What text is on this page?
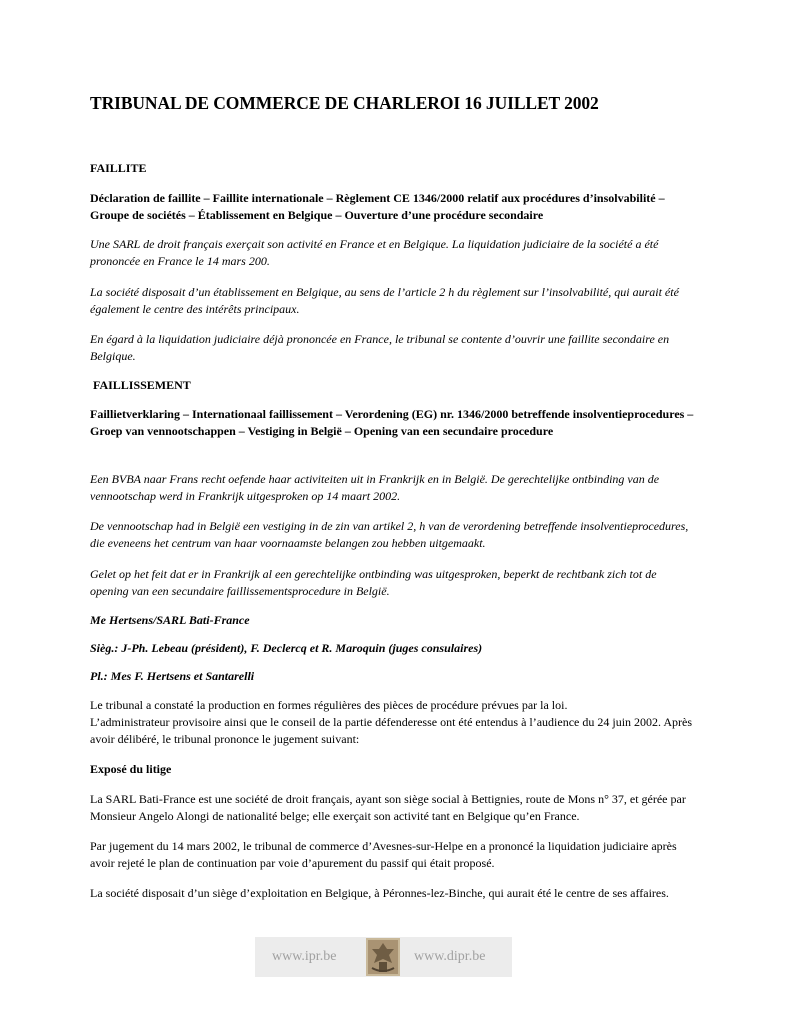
TRIBUNAL DE COMMERCE DE CHARLEROI 16 JUILLET 2002
FAILLITE
Déclaration de faillite – Faillite internationale – Règlement CE 1346/2000 relatif aux procédures d’insolvabilité – Groupe de sociétés – Établissement en Belgique – Ouverture d’une procédure secondaire
Une SARL de droit français exerçait son activité en France et en Belgique. La liquidation judiciaire de la société a été prononcée en France le 14 mars 200.
La société disposait d’un établissement en Belgique, au sens de l’article 2 h du règlement sur l’insolvabilité, qui aurait été également le centre des intérêts principaux.
En égard à la liquidation judiciaire déjà prononcée en France, le tribunal se contente d’ouvrir une faillite secondaire en Belgique.
FAILLISSEMENT
Faillietverklaring – Internationaal faillissement – Verordening (EG) nr. 1346/2000 betreffende insolventieprocedures – Groep van vennootschappen – Vestiging in België – Opening van een secundaire procedure
Een BVBA naar Frans recht oefende haar activiteiten uit in Frankrijk en in België. De gerechtelijke ontbinding van de vennootschap werd in Frankrijk uitgesproken op 14 maart 2002.
De vennootschap had in België een vestiging in de zin van artikel 2, h van de verordening betreffende insolventieprocedures, die eveneens het centrum van haar voornaamste belangen zou hebben uitgemaakt.
Gelet op het feit dat er in Frankrijk al een gerechtelijke ontbinding was uitgesproken, beperkt de rechtbank zich tot de opening van een secundaire faillissementsprocedure in België.
Me Hertsens/SARL Bati-France
Sièg.: J-Ph. Lebeau (président), F. Declercq et R. Maroquin (juges consulaires)
Pl.: Mes F. Hertsens et Santarelli
Le tribunal a constaté la production en formes régulières des pièces de procédure prévues par la loi.
L’administrateur provisoire ainsi que le conseil de la partie défenderesse ont été entendus à l’audience du 24 juin 2002. Après avoir délibéré, le tribunal prononce le jugement suivant:
Exposé du litige
La SARL Bati-France est une société de droit français, ayant son siège social à Bettignies, route de Mons n° 37, et gérée par Monsieur Angelo Alongi de nationalité belge; elle exerçait son activité tant en Belgique qu’en France.
Par jugement du 14 mars 2002, le tribunal de commerce d’Avesnes-sur-Helpe en a prononcé la liquidation judiciaire après avoir rejeté le plan de continuation par voie d’apurement du passif qui était proposé.
La société disposait d’un siège d’exploitation en Belgique, à Péronnes-lez-Binche, qui aurait été le centre de ses affaires.
www.ipr.be	www.dipr.be
